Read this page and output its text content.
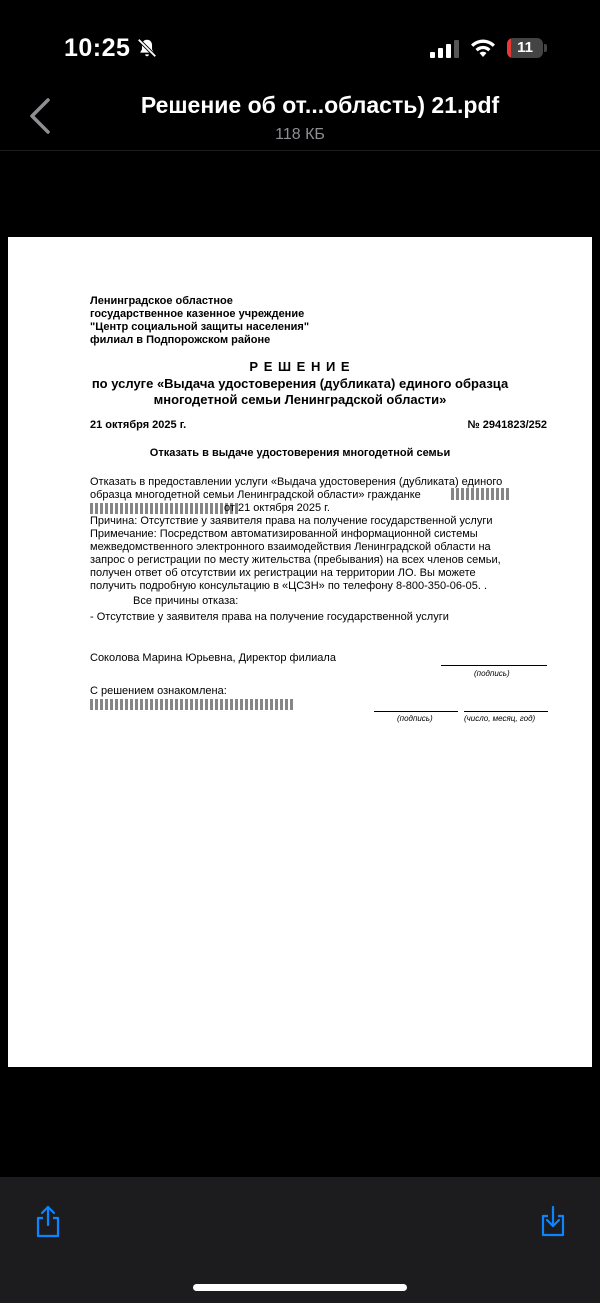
10:25	11
Решение об от...область) 21.pdf
118 КБ
Ленинградское областное
государственное казенное учреждение
"Центр социальной защиты населения"
филиал в Подпорожском районе
Р Е Ш Е Н И Е
по услуге «Выдача удостоверения (дубликата) единого образца
многодетной семьи Ленинградской области»
21 октября 2025 г.	№ 2941823/252
Отказать в выдаче удостоверения многодетной семьи
Отказать в предоставлении услуги «Выдача удостоверения (дубликата) единого
образца многодетной семьи Ленинградской области» гражданке
от 21 октября 2025 г.
Причина: Отсутствие у заявителя права на получение государственной услуги
Примечание: Посредством автоматизированной информационной системы
межведомственного электронного взаимодействия Ленинградской области на
запрос о регистрации по месту жительства (пребывания) на всех членов семьи,
получен ответ об отсутствии их регистрации на территории ЛО. Вы можете
получить подробную консультацию в «ЦСЗН» по телефону 8-800-350-06-05. .
Все причины отказа:
- Отсутствие у заявителя права на получение государственной услуги
Соколова Марина Юрьевна, Директор филиала
(подпись)
С решением ознакомлена:
(подпись)	(число, месяц, год)
